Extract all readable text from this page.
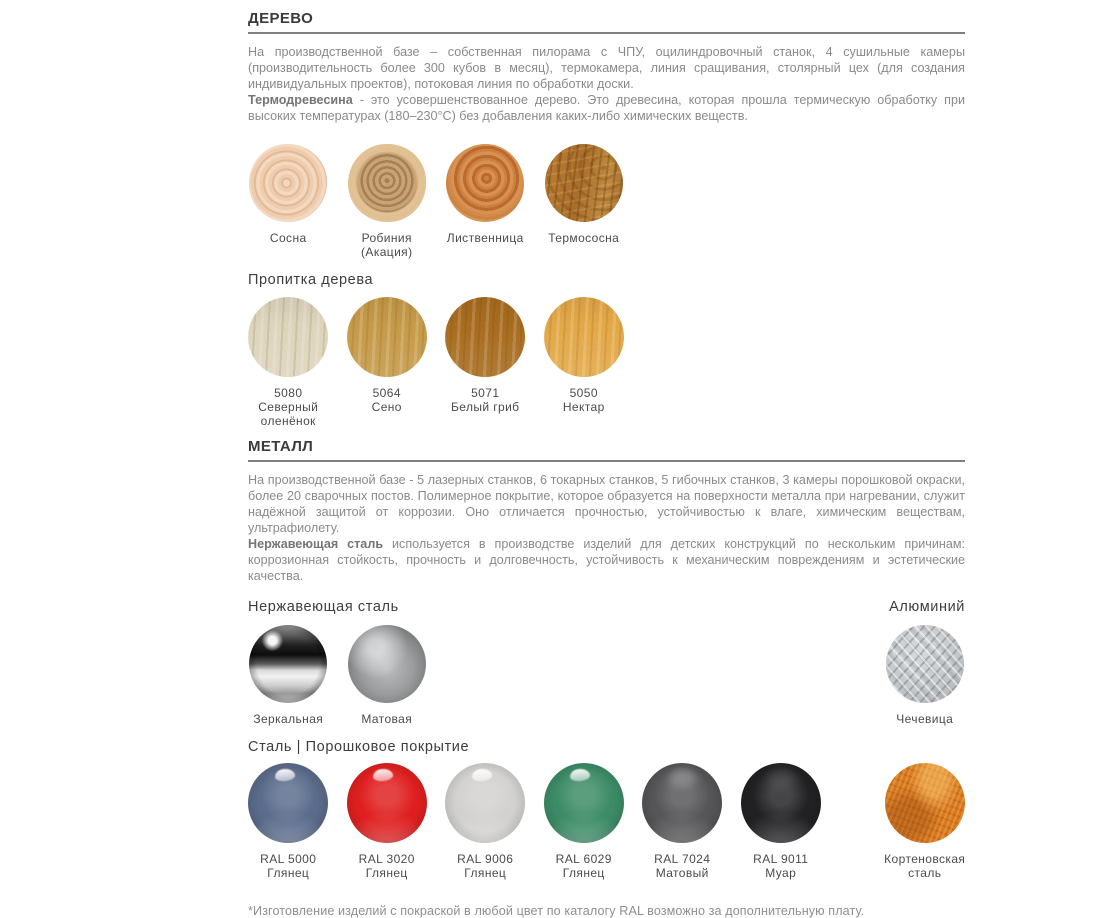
ДЕРЕВО

На производственной базе – собственная пилорама с ЧПУ, оцилиндровочный станок, 4 сушильные камеры (производительность более 300 кубов в месяц), термокамера, линия сращивания, столярный цех (для создания индивидуальных проектов), потоковая линия по обработки доски.

Термодревесина - это усовершенствованное дерево. Это древесина, которая прошла термическую обработку при высоких температурах (180–230°С) без добавления каких-либо химических веществ.

Сосна	Робиния (Акация)
Лиственница	Термососна
Пропитка дерева
5080
Северный оленёнок
5064
Сено
5071
Белый гриб
5050
Нектар
МЕТАЛЛ

На производственной базе - 5 лазерных станков, 6 токарных станков, 5 гибочных станков, 3 камеры порошковой окраски, более 20 сварочных постов. Полимерное покрытие, которое образуется на поверхности металла при нагревании, служит надёжной защитой от коррозии. Оно отличается прочностью, устойчивостью к влаге, химическим веществам, ультрафиолету.

Нержавеющая сталь используется в производстве изделий для детских конструкций по нескольким причинам: коррозионная стойкость, прочность и долговечность, устойчивость к механическим повреждениям и эстетические качества.

Нержавеющая сталь	Алюминий
Зеркальная	Матовая	Чечевица
Сталь | Порошковое покрытие
RAL 5000
Глянец
RAL 3020
Глянец
RAL 9006
Глянец
RAL 6029
Глянец
RAL 7024
Матовый
RAL 9011
Муар
Кортеновская сталь

*Изготовление изделий с покраской в любой цвет по каталогу RAL возможно за дополнительную плату.
